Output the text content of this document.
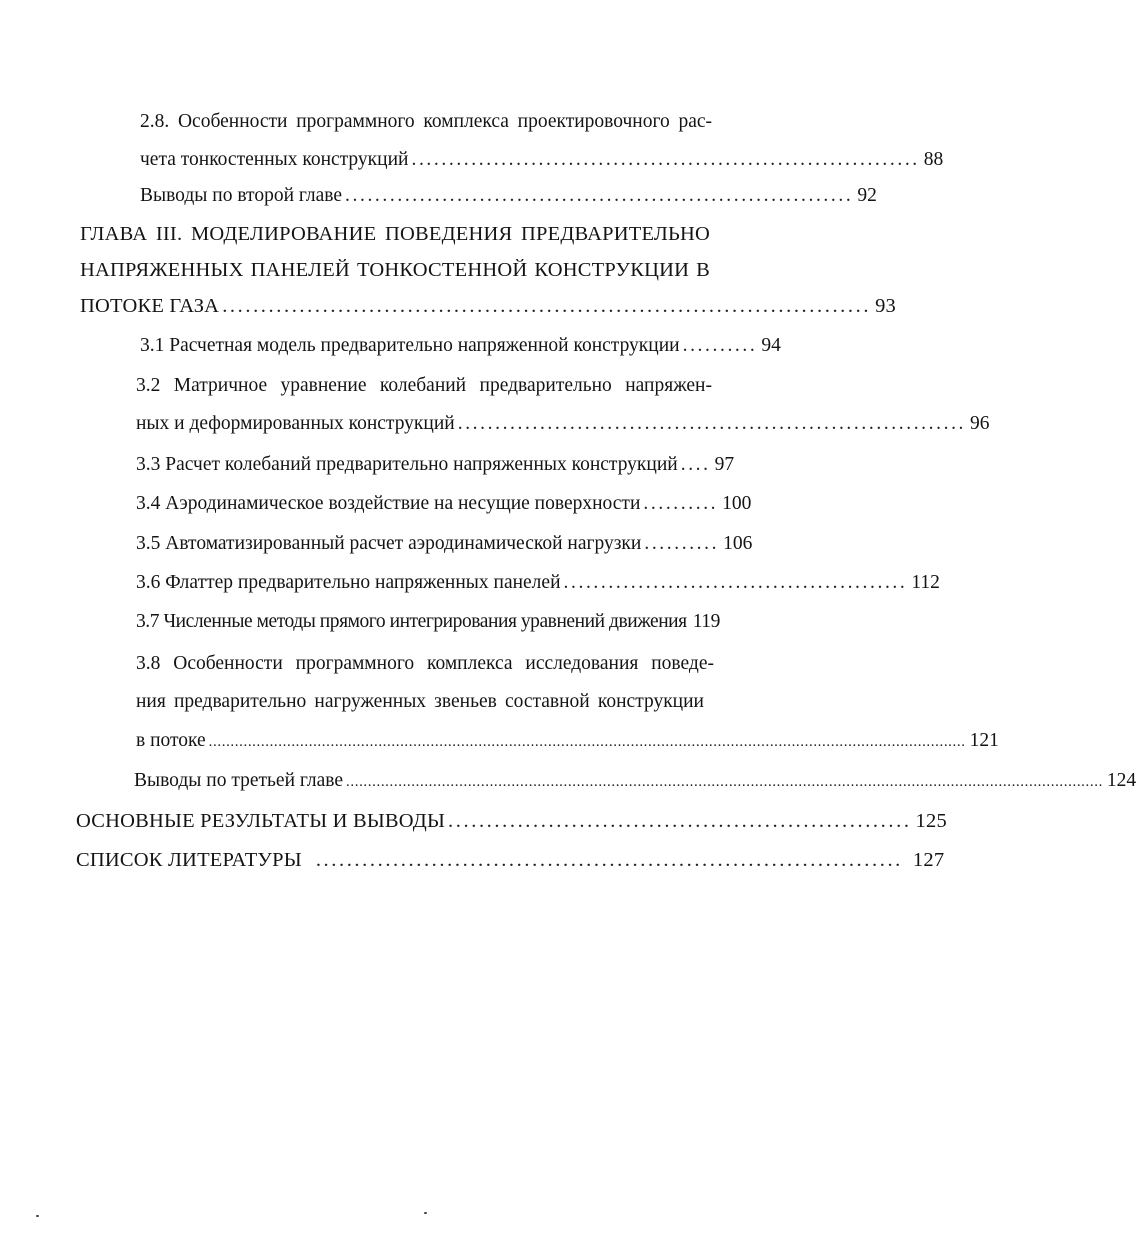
2.8. Особенности программного комплекса проектировочного рас-
чета тонкостенных конструкций .................................................................... 88
Выводы по второй главе .................................................................... 92
ГЛАВА III. МОДЕЛИРОВАНИЕ ПОВЕДЕНИЯ ПРЕДВАРИТЕЛЬНО
НАПРЯЖЕННЫХ ПАНЕЛЕЙ ТОНКОСТЕННОЙ КОНСТРУКЦИИ В
ПОТОКЕ ГАЗА .................................................................................... 93
3.1 Расчетная модель предварительно напряженной конструкции .......... 94
3.2 Матричное уравнение колебаний предварительно напряжен-
ных и деформированных конструкций .................................................................... 96
3.3 Расчет колебаний предварительно напряженных конструкций .... 97
3.4 Аэродинамическое воздействие на несущие поверхности .......... 100
3.5 Автоматизированный расчет аэродинамической нагрузки .......... 106
3.6 Флаттер предварительно напряженных панелей .............................................. 112
3.7 Численные методы прямого интегрирования уравнений движения 119
3.8 Особенности программного комплекса исследования поведе-
ния предварительно нагруженных звеньев составной конструкции
в потоке .............................................................................................................................................................................. 121
Выводы по третьей главе .............................................................................................................................................................................. 124
ОСНОВНЫЕ РЕЗУЛЬТАТЫ И ВЫВОДЫ ............................................................ 125
СПИСОК ЛИТЕРАТУРЫ ............................................................................ 127
